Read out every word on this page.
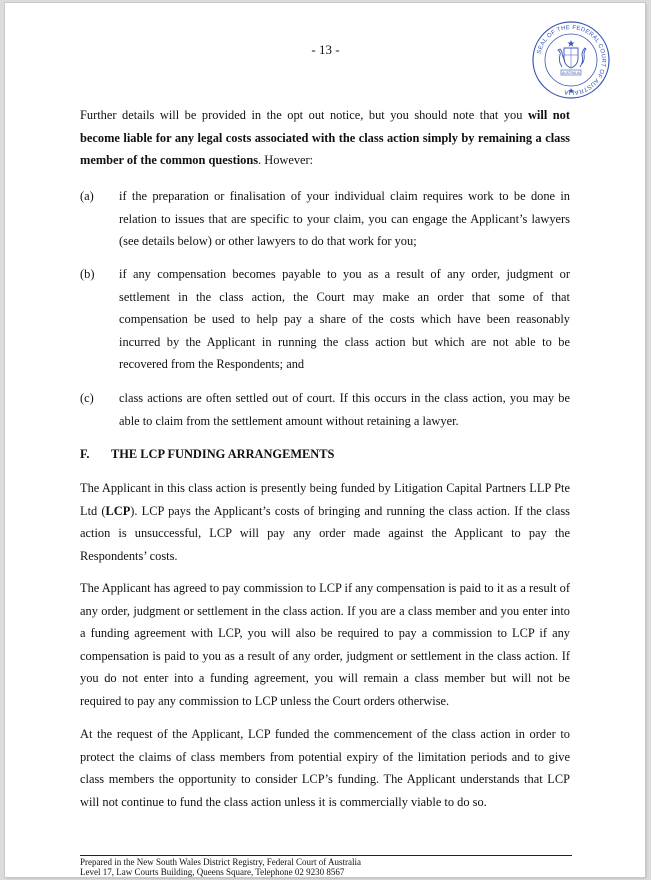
- 13 -	SEAL OF THE FEDERAL COURT OF AUSTRALIA
AUSTRALIA

Further details will be provided in the opt out notice, but you should note that you will not become liable for any legal costs associated with the class action simply by remaining a class member of the common questions. However:

(a) if the preparation or finalisation of your individual claim requires work to be done in relation to issues that are specific to your claim, you can engage the Applicant’s lawyers (see details below) or other lawyers to do that work for you;

(b) if any compensation becomes payable to you as a result of any order, judgment or settlement in the class action, the Court may make an order that some of that compensation be used to help pay a share of the costs which have been reasonably incurred by the Applicant in running the class action but which are not able to be recovered from the Respondents; and

(c) class actions are often settled out of court. If this occurs in the class action, you may be able to claim from the settlement amount without retaining a lawyer.

F. THE LCP FUNDING ARRANGEMENTS

The Applicant in this class action is presently being funded by Litigation Capital Partners LLP Pte Ltd (LCP). LCP pays the Applicant’s costs of bringing and running the class action. If the class action is unsuccessful, LCP will pay any order made against the Applicant to pay the Respondents’ costs.

The Applicant has agreed to pay commission to LCP if any compensation is paid to it as a result of any order, judgment or settlement in the class action. If you are a class member and you enter into a funding agreement with LCP, you will also be required to pay a commission to LCP if any compensation is paid to you as a result of any order, judgment or settlement in the class action. If you do not enter into a funding agreement, you will remain a class member but will not be required to pay any commission to LCP unless the Court orders otherwise.

At the request of the Applicant, LCP funded the commencement of the class action in order to protect the claims of class members from potential expiry of the limitation periods and to give class members the opportunity to consider LCP’s funding. The Applicant understands that LCP will not continue to fund the class action unless it is commercially viable to do so.

Prepared in the New South Wales District Registry, Federal Court of Australia
Level 17, Law Courts Building, Queens Square, Telephone 02 9230 8567
